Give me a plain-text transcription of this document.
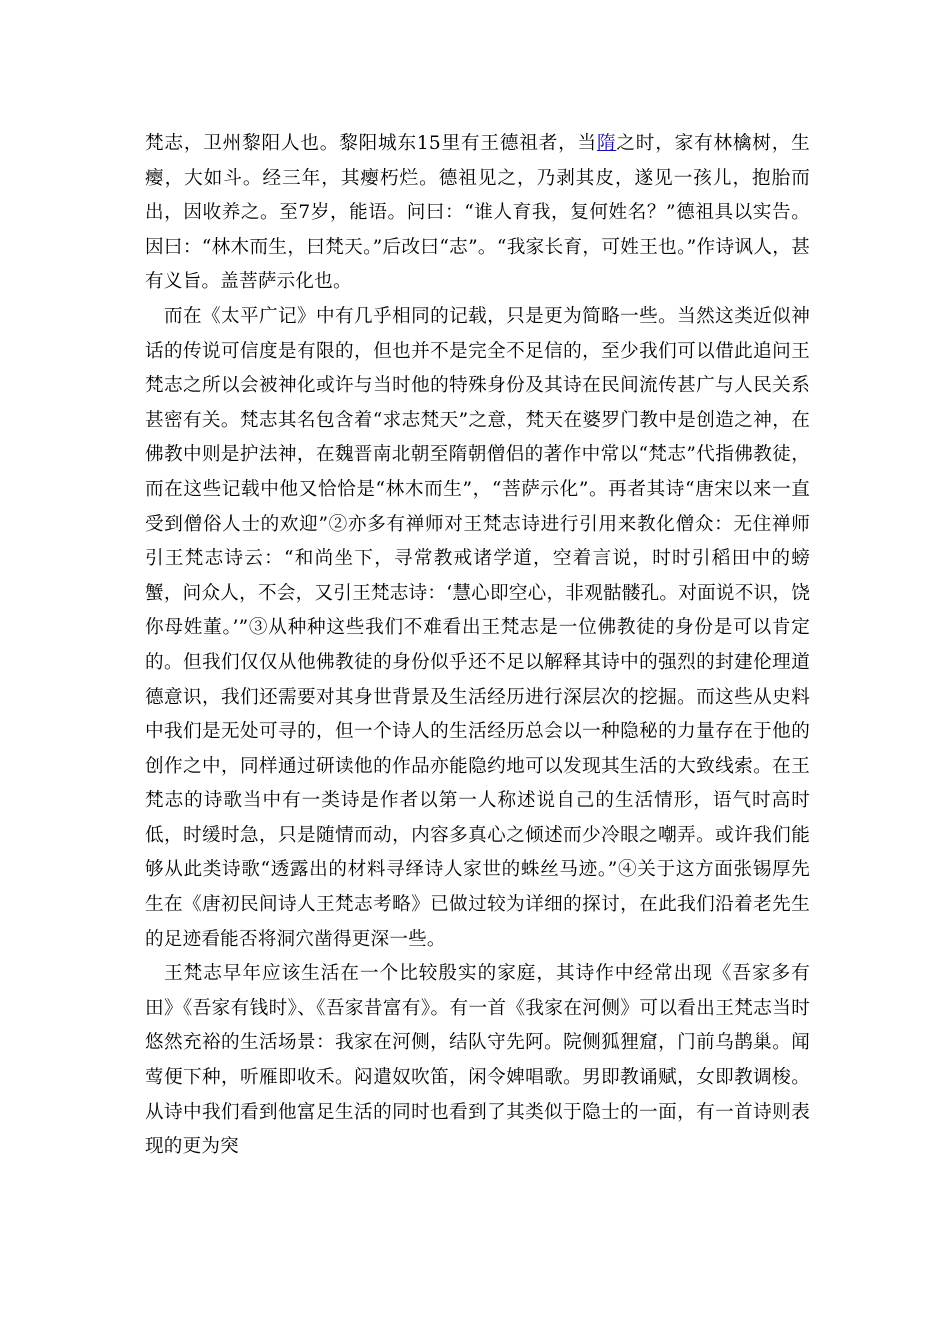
梵志，卫州黎阳人也。黎阳城东15里有王德祖者，当隋之时，家有林檎树，生瘿，大如斗。经三年，其瘿朽烂。德祖见之，乃剥其皮，遂见一孩儿，抱胎而出，因收养之。至7岁，能语。问曰：“谁人育我，复何姓名？”德祖具以实告。因曰：“林木而生，曰梵天。”后改曰“志”。“我家长育，可姓王也。”作诗讽人，甚有义旨。盖菩萨示化也。

而在《太平广记》中有几乎相同的记载，只是更为简略一些。当然这类近似神话的传说可信度是有限的，但也并不是完全不足信的，至少我们可以借此追问王梵志之所以会被神化或许与当时他的特殊身份及其诗在民间流传甚广与人民关系甚密有关。梵志其名包含着“求志梵天”之意，梵天在婆罗门教中是创造之神，在佛教中则是护法神，在魏晋南北朝至隋朝僧侣的著作中常以“梵志”代指佛教徒，而在这些记载中他又恰恰是“林木而生”，“菩萨示化”。再者其诗“唐宋以来一直受到僧俗人士的欢迎”②亦多有禅师对王梵志诗进行引用来教化僧众：无住禅师引王梵志诗云：“和尚坐下，寻常教戒诸学道，空着言说，时时引稻田中的螃蟹，问众人，不会，又引王梵志诗：‘慧心即空心，非观骷髅孔。对面说不识，饶你母姓董。’”③从种种这些我们不难看出王梵志是一位佛教徒的身份是可以肯定的。但我们仅仅从他佛教徒的身份似乎还不足以解释其诗中的强烈的封建伦理道德意识，我们还需要对其身世背景及生活经历进行深层次的挖掘。而这些从史料中我们是无处可寻的，但一个诗人的生活经历总会以一种隐秘的力量存在于他的创作之中，同样通过研读他的作品亦能隐约地可以发现其生活的大致线索。在王梵志的诗歌当中有一类诗是作者以第一人称述说自己的生活情形，语气时高时低，时缓时急，只是随情而动，内容多真心之倾述而少冷眼之嘲弄。或许我们能够从此类诗歌“透露出的材料寻绎诗人家世的蛛丝马迹。”④关于这方面张锡厚先生在《唐初民间诗人王梵志考略》已做过较为详细的探讨，在此我们沿着老先生的足迹看能否将洞穴凿得更深一些。

王梵志早年应该生活在一个比较殷实的家庭，其诗作中经常出现《吾家多有田》《吾家有钱时》、《吾家昔富有》。有一首《我家在河侧》可以看出王梵志当时悠然充裕的生活场景：我家在河侧，结队守先阿。院侧狐狸窟，门前乌鹊巢。闻莺便下种，听雁即收禾。闷遣奴吹笛，闲令婢唱歌。男即教诵赋，女即教调梭。从诗中我们看到他富足生活的同时也看到了其类似于隐士的一面，有一首诗则表现的更为突
